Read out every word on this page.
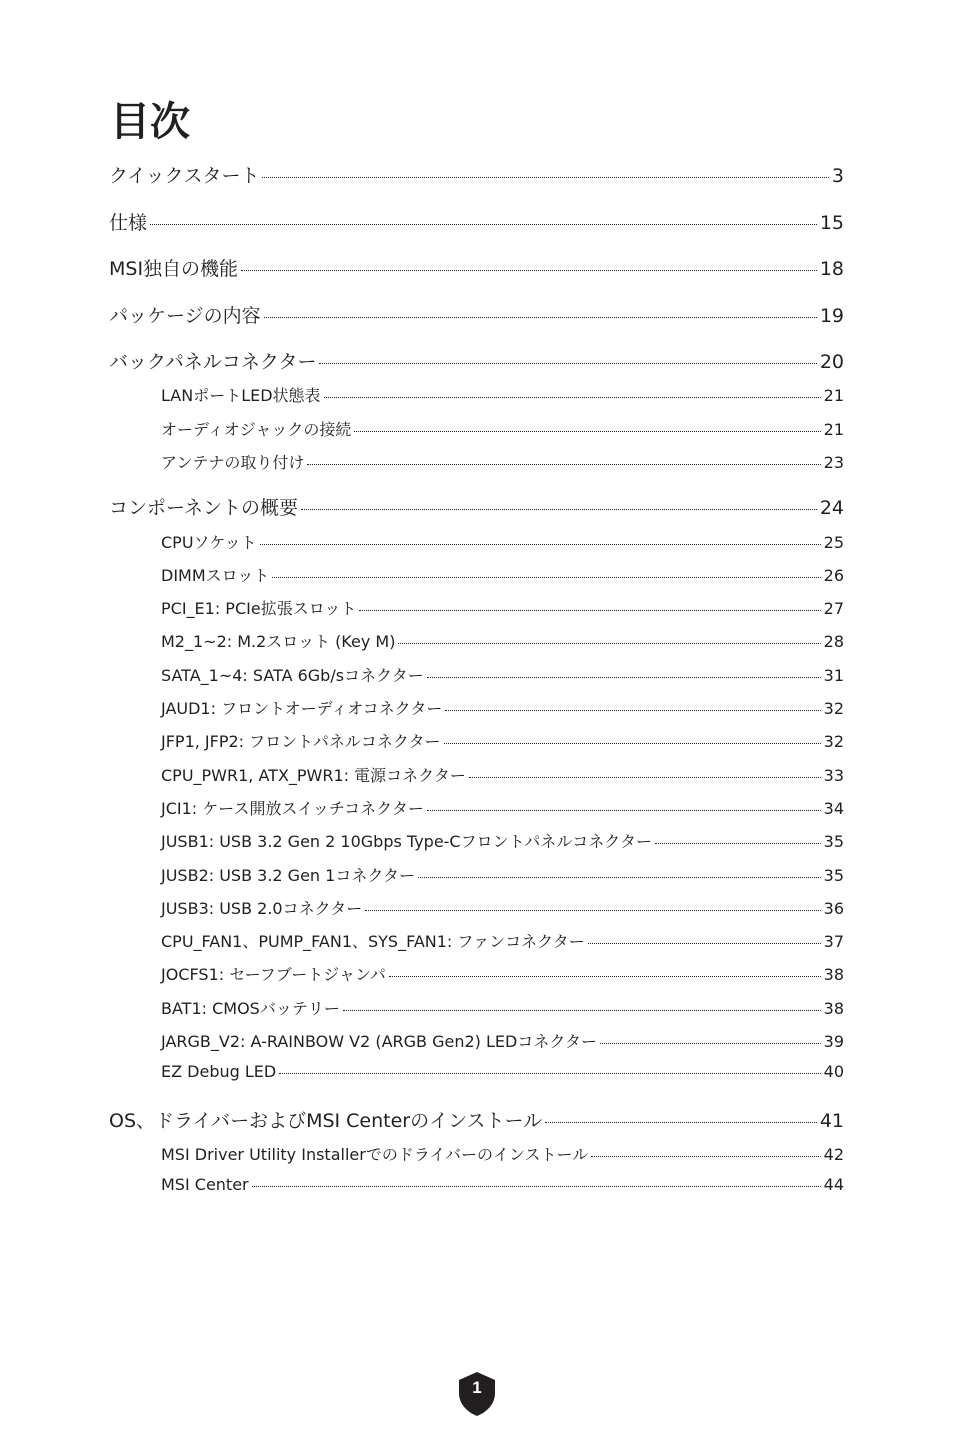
目次
クイックスタート	3
仕様	15
MSI独自の機能	18
パッケージの内容	19
バックパネルコネクター	20
LANポートLED状態表	21
オーディオジャックの接続	21
アンテナの取り付け	23
コンポーネントの概要	24
CPUソケット	25
DIMMスロット	26
PCI_E1: PCIe拡張スロット	27
M2_1~2: M.2スロット (Key M)	28
SATA_1~4: SATA 6Gb/sコネクター	31
JAUD1: フロントオーディオコネクター	32
JFP1, JFP2: フロントパネルコネクター	32
CPU_PWR1, ATX_PWR1: 電源コネクター	33
JCI1: ケース開放スイッチコネクター	34
JUSB1: USB 3.2 Gen 2 10Gbps Type-Cフロントパネルコネクター	35
JUSB2: USB 3.2 Gen 1コネクター	35
JUSB3: USB 2.0コネクター	36
CPU_FAN1、PUMP_FAN1、SYS_FAN1: ファンコネクター	37
JOCFS1: セーフブートジャンパ	38
BAT1: CMOSバッテリー	38
JARGB_V2: A-RAINBOW V2 (ARGB Gen2) LEDコネクター	39
EZ Debug LED	40
OS、ドライバーおよびMSI Centerのインストール	41
MSI Driver Utility Installerでのドライバーのインストール	42
MSI Center	44
1
